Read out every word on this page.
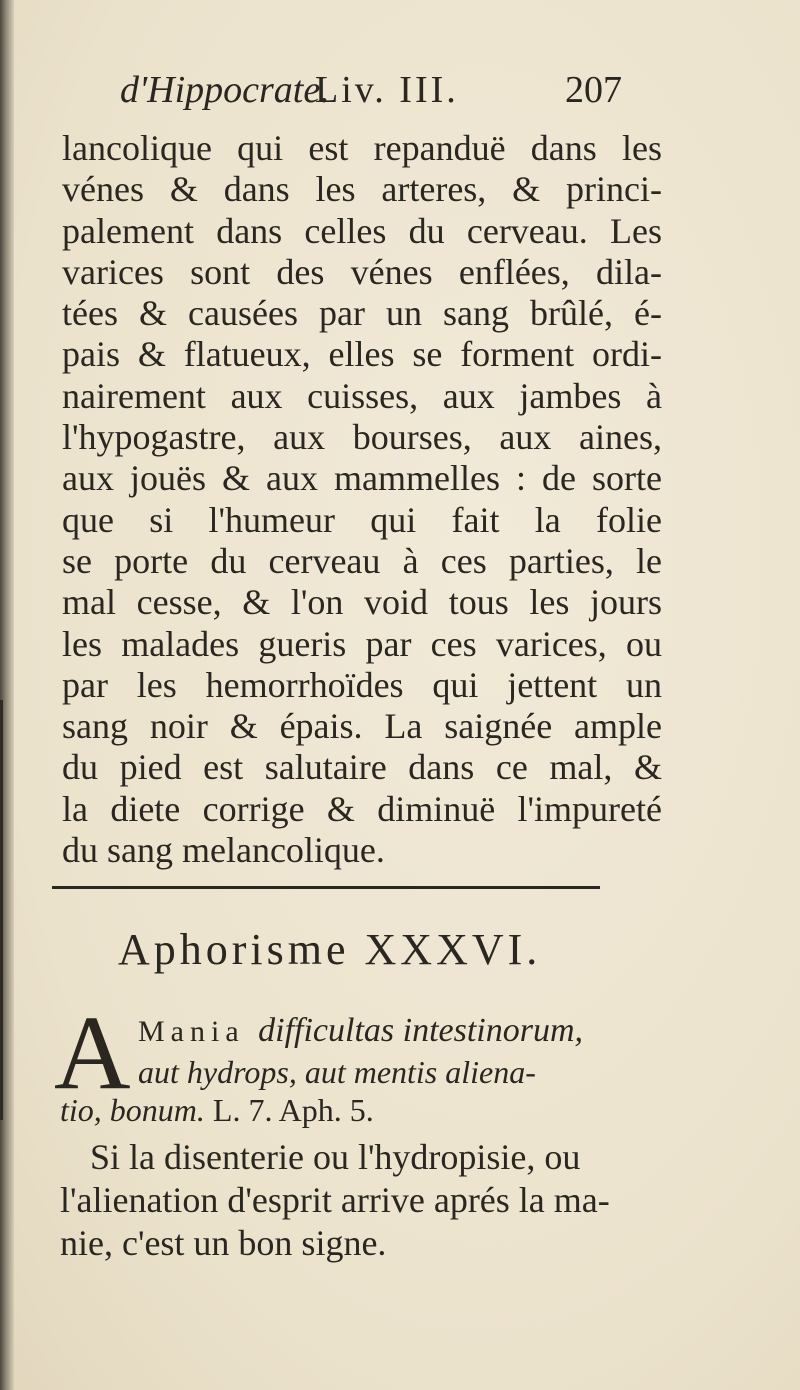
d'Hippocrate.
Liv. III.	207
lancolique qui est repanduë dans les
vénes & dans les arteres, & princi-
palement dans celles du cerveau. Les
varices sont des vénes enflées, dila-
tées & causées par un sang brûlé, é-
pais & flatueux, elles se forment ordi-
nairement aux cuisses, aux jambes à
l'hypogastre, aux bourses, aux aines,
aux jouës & aux mammelles : de sorte
que si l'humeur qui fait la folie
se porte du cerveau à ces parties, le
mal cesse, & l'on void tous les jours
les malades gueris par ces varices, ou
par les hemorrhoïdes qui jettent un
sang noir & épais. La saignée ample
du pied est salutaire dans ce mal, &
la diete corrige & diminuë l'impureté
du sang melancolique.
Aphorisme XXXVI.
A Mania difficultas intestinorum,
aut hydrops, aut mentis aliena-
tio, bonum. L. 7. Aph. 5.
Si la disenterie ou l'hydropisie, ou
l'alienation d'esprit arrive aprés la ma-
nie, c'est un bon signe.
